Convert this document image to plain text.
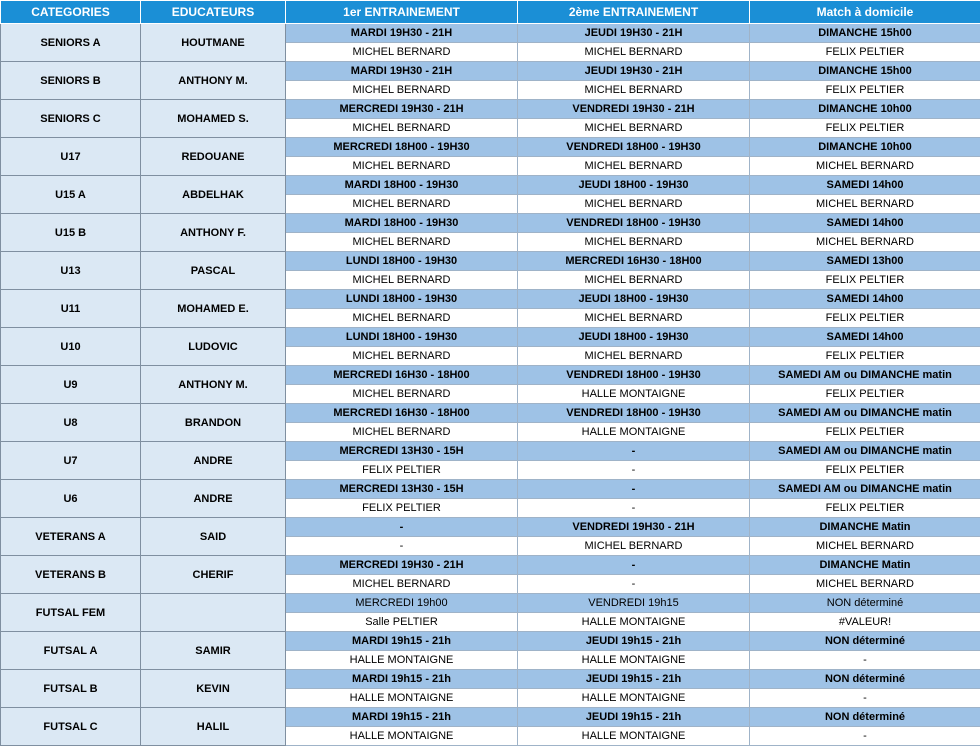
CATEGORIES	EDUCATEURS	1er ENTRAINEMENT	2ème ENTRAINEMENT	Match à domicile
SENIORS A	HOUTMANE	MARDI 19H30 - 21H	JEUDI 19H30 - 21H	DIMANCHE 15h00
		MICHEL BERNARD	MICHEL BERNARD	FELIX PELTIER
SENIORS B	ANTHONY M.	MARDI 19H30 - 21H	JEUDI 19H30 - 21H	DIMANCHE 15h00
		MICHEL BERNARD	MICHEL BERNARD	FELIX PELTIER
SENIORS C	MOHAMED S.	MERCREDI 19H30 - 21H	VENDREDI 19H30 - 21H	DIMANCHE 10h00
		MICHEL BERNARD	MICHEL BERNARD	FELIX PELTIER
U17	REDOUANE	MERCREDI 18H00 - 19H30	VENDREDI 18H00 - 19H30	DIMANCHE 10h00
		MICHEL BERNARD	MICHEL BERNARD	MICHEL BERNARD
U15 A	ABDELHAK	MARDI 18H00 - 19H30	JEUDI 18H00 - 19H30	SAMEDI 14h00
		MICHEL BERNARD	MICHEL BERNARD	MICHEL BERNARD
U15 B	ANTHONY F.	MARDI 18H00 - 19H30	VENDREDI 18H00 - 19H30	SAMEDI 14h00
		MICHEL BERNARD	MICHEL BERNARD	MICHEL BERNARD
U13	PASCAL	LUNDI 18H00 - 19H30	MERCREDI 16H30 - 18H00	SAMEDI 13h00
		MICHEL BERNARD	MICHEL BERNARD	FELIX PELTIER
U11	MOHAMED E.	LUNDI 18H00 - 19H30	JEUDI 18H00 - 19H30	SAMEDI 14h00
		MICHEL BERNARD	MICHEL BERNARD	FELIX PELTIER
U10	LUDOVIC	LUNDI 18H00 - 19H30	JEUDI 18H00 - 19H30	SAMEDI 14h00
		MICHEL BERNARD	MICHEL BERNARD	FELIX PELTIER
U9	ANTHONY M.	MERCREDI 16H30 - 18H00	VENDREDI 18H00 - 19H30	SAMEDI AM ou DIMANCHE matin
		MICHEL BERNARD	HALLE MONTAIGNE	FELIX PELTIER
U8	BRANDON	MERCREDI 16H30 - 18H00	VENDREDI 18H00 - 19H30	SAMEDI AM ou DIMANCHE matin
		MICHEL BERNARD	HALLE MONTAIGNE	FELIX PELTIER
U7	ANDRE	MERCREDI 13H30 - 15H	-	SAMEDI AM ou DIMANCHE matin
		FELIX PELTIER	-	FELIX PELTIER
U6	ANDRE	MERCREDI 13H30 - 15H	-	SAMEDI AM ou DIMANCHE matin
		FELIX PELTIER	-	FELIX PELTIER
VETERANS A	SAID	-	VENDREDI 19H30 - 21H	DIMANCHE Matin
		-	MICHEL BERNARD	MICHEL BERNARD
VETERANS B	CHERIF	MERCREDI 19H30 - 21H	-	DIMANCHE Matin
		MICHEL BERNARD	-	MICHEL BERNARD
FUTSAL FEM		MERCREDI 19h00	VENDREDI 19h15	NON déterminé
		Salle PELTIER	HALLE MONTAIGNE	#VALEUR!
FUTSAL A	SAMIR	MARDI 19h15 - 21h	JEUDI 19h15 - 21h	NON déterminé
		HALLE MONTAIGNE	HALLE MONTAIGNE	-
FUTSAL B	KEVIN	MARDI 19h15 - 21h	JEUDI 19h15 - 21h	NON déterminé
		HALLE MONTAIGNE	HALLE MONTAIGNE	-
FUTSAL C	HALIL	MARDI 19h15 - 21h	JEUDI 19h15 - 21h	NON déterminé
		HALLE MONTAIGNE	HALLE MONTAIGNE	-
